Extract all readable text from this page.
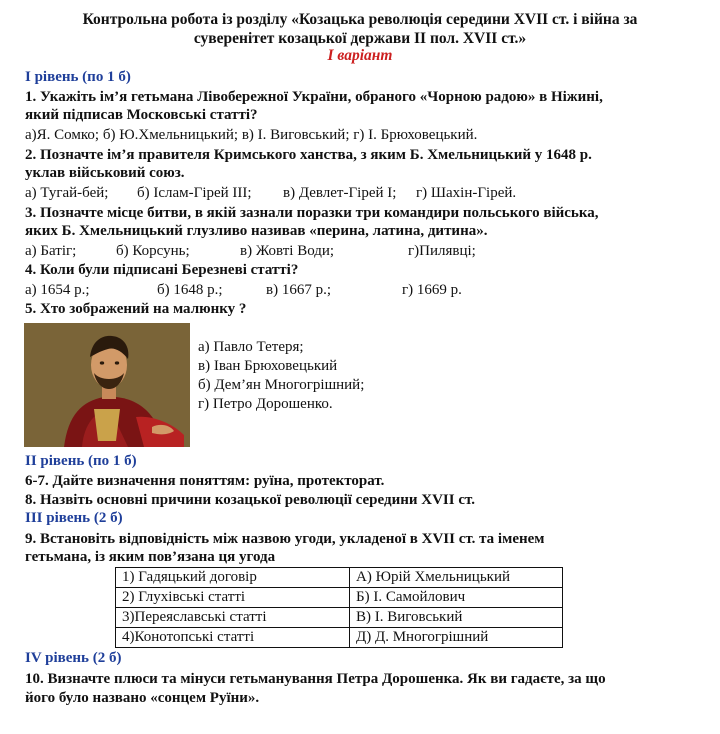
Контрольна робота із розділу «Козацька революція середини XVII ст. і війна за
суверенітет козацької держави ІІ пол. XVII ст.»
І варіант
І рівень (по 1 б)
1. Укажіть ім’я гетьмана Лівобережної України, обраного «Чорною радою» в Ніжині,
який підписав Московські статті?
а)Я. Сомко; б) Ю.Хмельницький; в) І. Виговський; г) І. Брюховецький.
2. Позначте ім’я правителя Кримського ханства, з яким Б. Хмельницький у 1648 р.
уклав військовий союз.
а) Тугай-бей; б) Іслам-Гірей ІІІ; в) Девлет-Гірей І; г) Шахін-Гірей.
3. Позначте місце битви, в якій зазнали поразки три командири польського війська,
яких Б. Хмельницький глузливо називав «перина, латина, дитина».
а) Батіг;	б) Корсунь;	в) Жовті Води;	г)Пилявці;
4. Коли були підписані Березневі статті?
а) 1654 р.;	б) 1648 р.;	в) 1667 р.;	г) 1669 р.
5. Хто зображений на малюнку ?
а) Павло Тетеря;
в) Іван Брюховецький
б) Дем’ян Многогрішний;
г) Петро Дорошенко.
ІІ рівень (по 1 б)
6-7. Дайте визначення поняттям: руїна, протекторат.
8. Назвіть основні причини козацької революції середини XVII ст.
ІІІ рівень (2 б)
9. Встановіть відповідність між назвою угоди, укладеної в XVII ст. та іменем
гетьмана, із яким пов’язана ця угода
1) Гадяцький договір	А) Юрій Хмельницький
2) Глухівські статті	Б) І. Самойлович
3)Переяславські статті	В) І. Виговський
4)Конотопські статті	Д) Д. Многогрішний
IV рівень (2 б)
10. Визначте плюси та мінуси гетьманування Петра Дорошенка. Як ви гадаєте, за що
його було названо «сонцем Руїни».
